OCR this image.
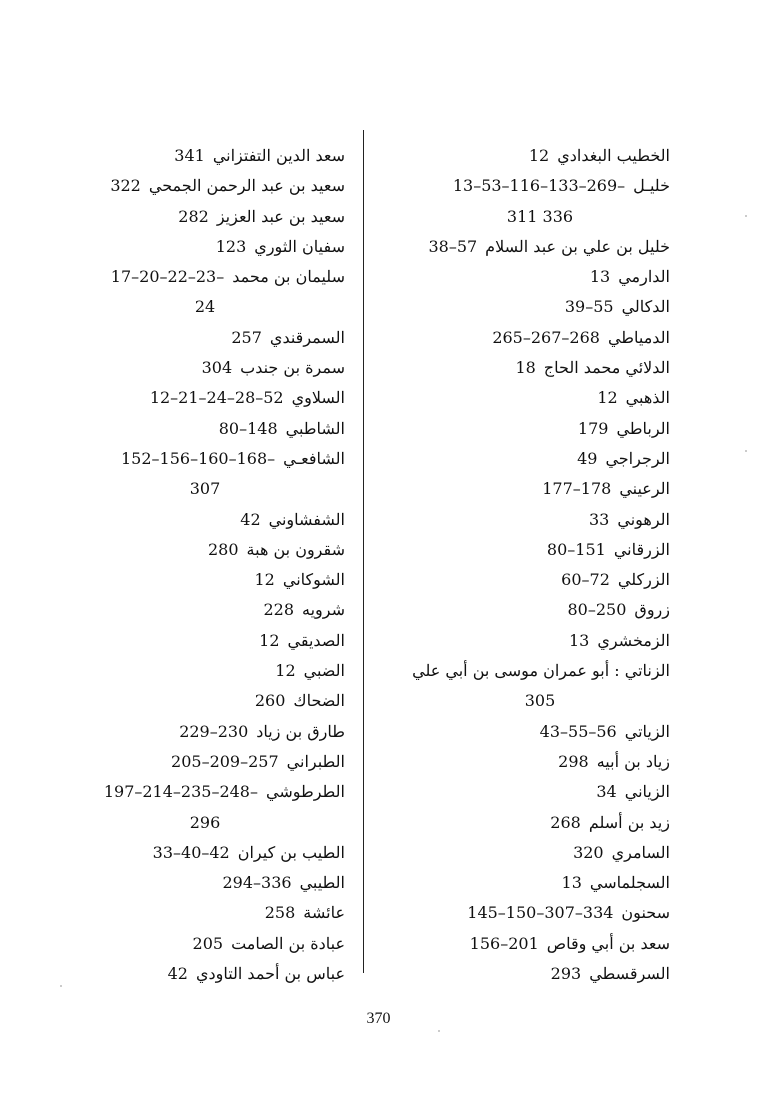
الخطيب البغدادي12
خليـل13–53–116–133–269–
311 336
خليل بن علي بن عبد السلام38–57
الدارمي13
الدكالي39–55
الدمياطي265–267–268
الدلائي محمد الحاج18
الذهبي12
الرباطي179
الرجراجي49
الرعيني177–178
الرهوني33
الزرقاني80–151
الزركلي60–72
زروق80–250
الزمخشري13
الزناتي : أبو عمران موسى بن أبي علي
305
الزياتي43–55–56
زياد بن أبيه298
الزياني34
زيد بن أسلم268
السامري320
السجلماسي13
سحنون145–150–307–334
سعد بن أبي وقاص156–201
السرقسطي293
سعد الدين التفتزاني341
سعيد بن عبد الرحمن الجمحي322
سعيد بن عبد العزيز282
سفيان الثوري123
سليمان بن محمد17–20–22–23–
24
السمرقندي257
سمرة بن جندب304
السلاوي12–21–24–28–52
الشاطبي80–148
الشافعـي152–156–160–168–
307
الشفشاوني42
شقرون بن هبة280
الشوكاني12
شرويه228
الصديقي12
الضبي12
الضحاك260
طارق بن زياد229–230
الطبراني205–209–257
الطرطوشي197–214–235–248–
296
الطيب بن كيران33–40–42
الطيبي294–336
عائشة258
عبادة بن الصامت205
عباس بن أحمد التاودي42
370
